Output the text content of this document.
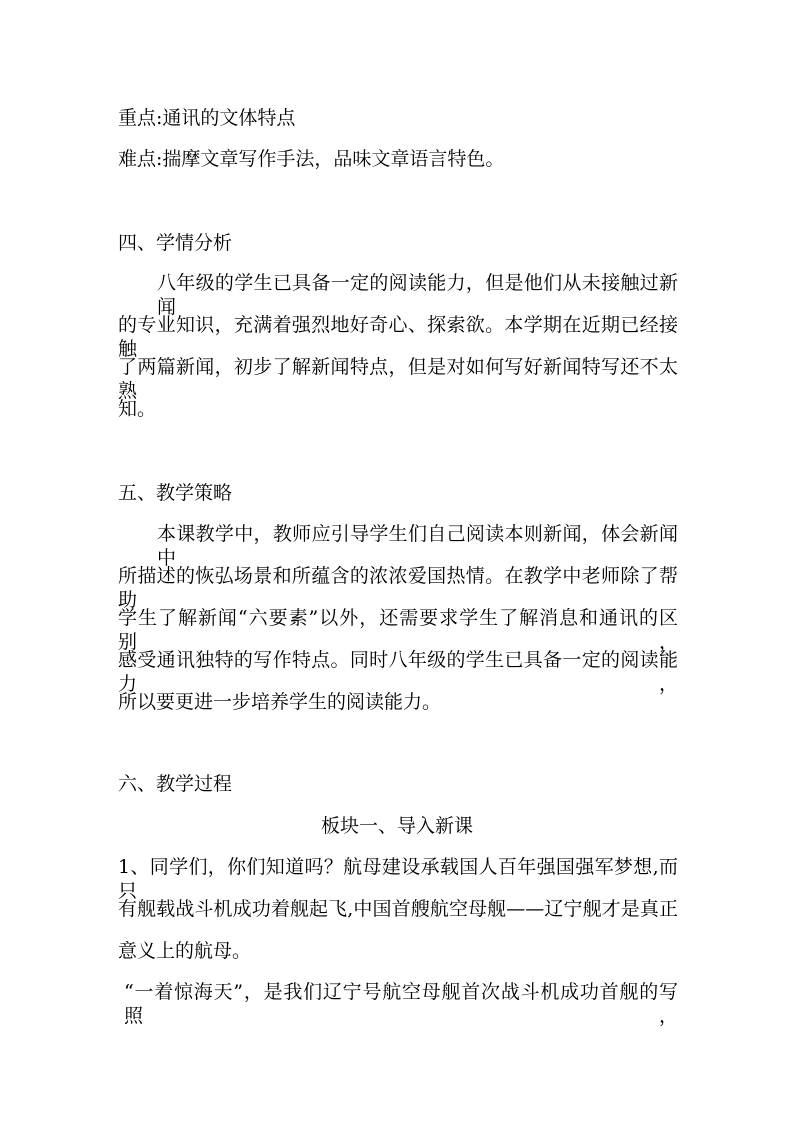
重点:通讯的文体特点
难点:揣摩文章写作手法，品味文章语言特色。
四、学情分析
八年级的学生已具备一定的阅读能力，但是他们从未接触过新闻
的专业知识，充满着强烈地好奇心、探索欲。本学期在近期已经接触
了两篇新闻，初步了解新闻特点，但是对如何写好新闻特写还不太熟
知。
五、教学策略
本课教学中，教师应引导学生们自己阅读本则新闻，体会新闻中
所描述的恢弘场景和所蕴含的浓浓爱国热情。在教学中老师除了帮助
学生了解新闻“六要素”以外，还需要求学生了解消息和通讯的区别，
感受通讯独特的写作特点。同时八年级的学生已具备一定的阅读能力，
所以要更进一步培养学生的阅读能力。
六、教学过程
板块一、导入新课
1、同学们，你们知道吗？航母建设承载国人百年强国强军梦想,而只
有舰载战斗机成功着舰起飞,中国首艘航空母舰——辽宁舰才是真正
意义上的航母。
“一着惊海天”，是我们辽宁号航空母舰首次战斗机成功首舰的写照，
